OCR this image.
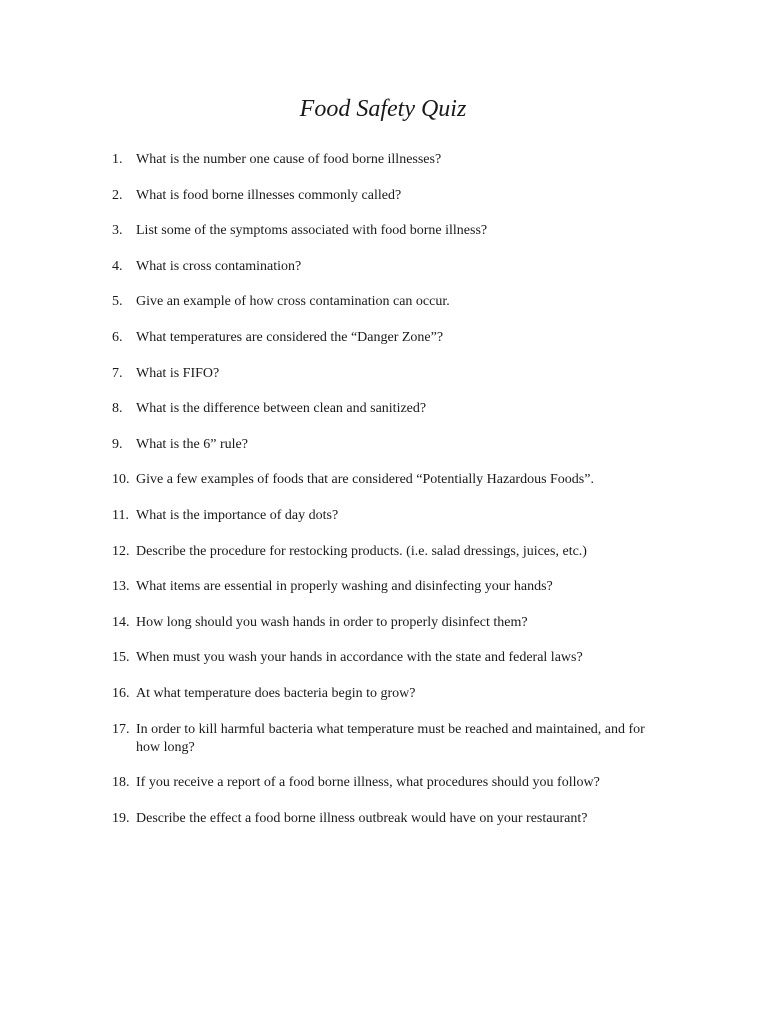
Food Safety Quiz
1. What is the number one cause of food borne illnesses?
2. What is food borne illnesses commonly called?
3. List some of the symptoms associated with food borne illness?
4. What is cross contamination?
5. Give an example of how cross contamination can occur.
6. What temperatures are considered the “Danger Zone”?
7. What is FIFO?
8. What is the difference between clean and sanitized?
9. What is the 6” rule?
10. Give a few examples of foods that are considered “Potentially Hazardous Foods”.
11. What is the importance of day dots?
12. Describe the procedure for restocking products. (i.e. salad dressings, juices, etc.)
13. What items are essential in properly washing and disinfecting your hands?
14. How long should you wash hands in order to properly disinfect them?
15. When must you wash your hands in accordance with the state and federal laws?
16. At what temperature does bacteria begin to grow?
17. In order to kill harmful bacteria what temperature must be reached and maintained, and for how long?
18. If you receive a report of a food borne illness, what procedures should you follow?
19. Describe the effect a food borne illness outbreak would have on your restaurant?
